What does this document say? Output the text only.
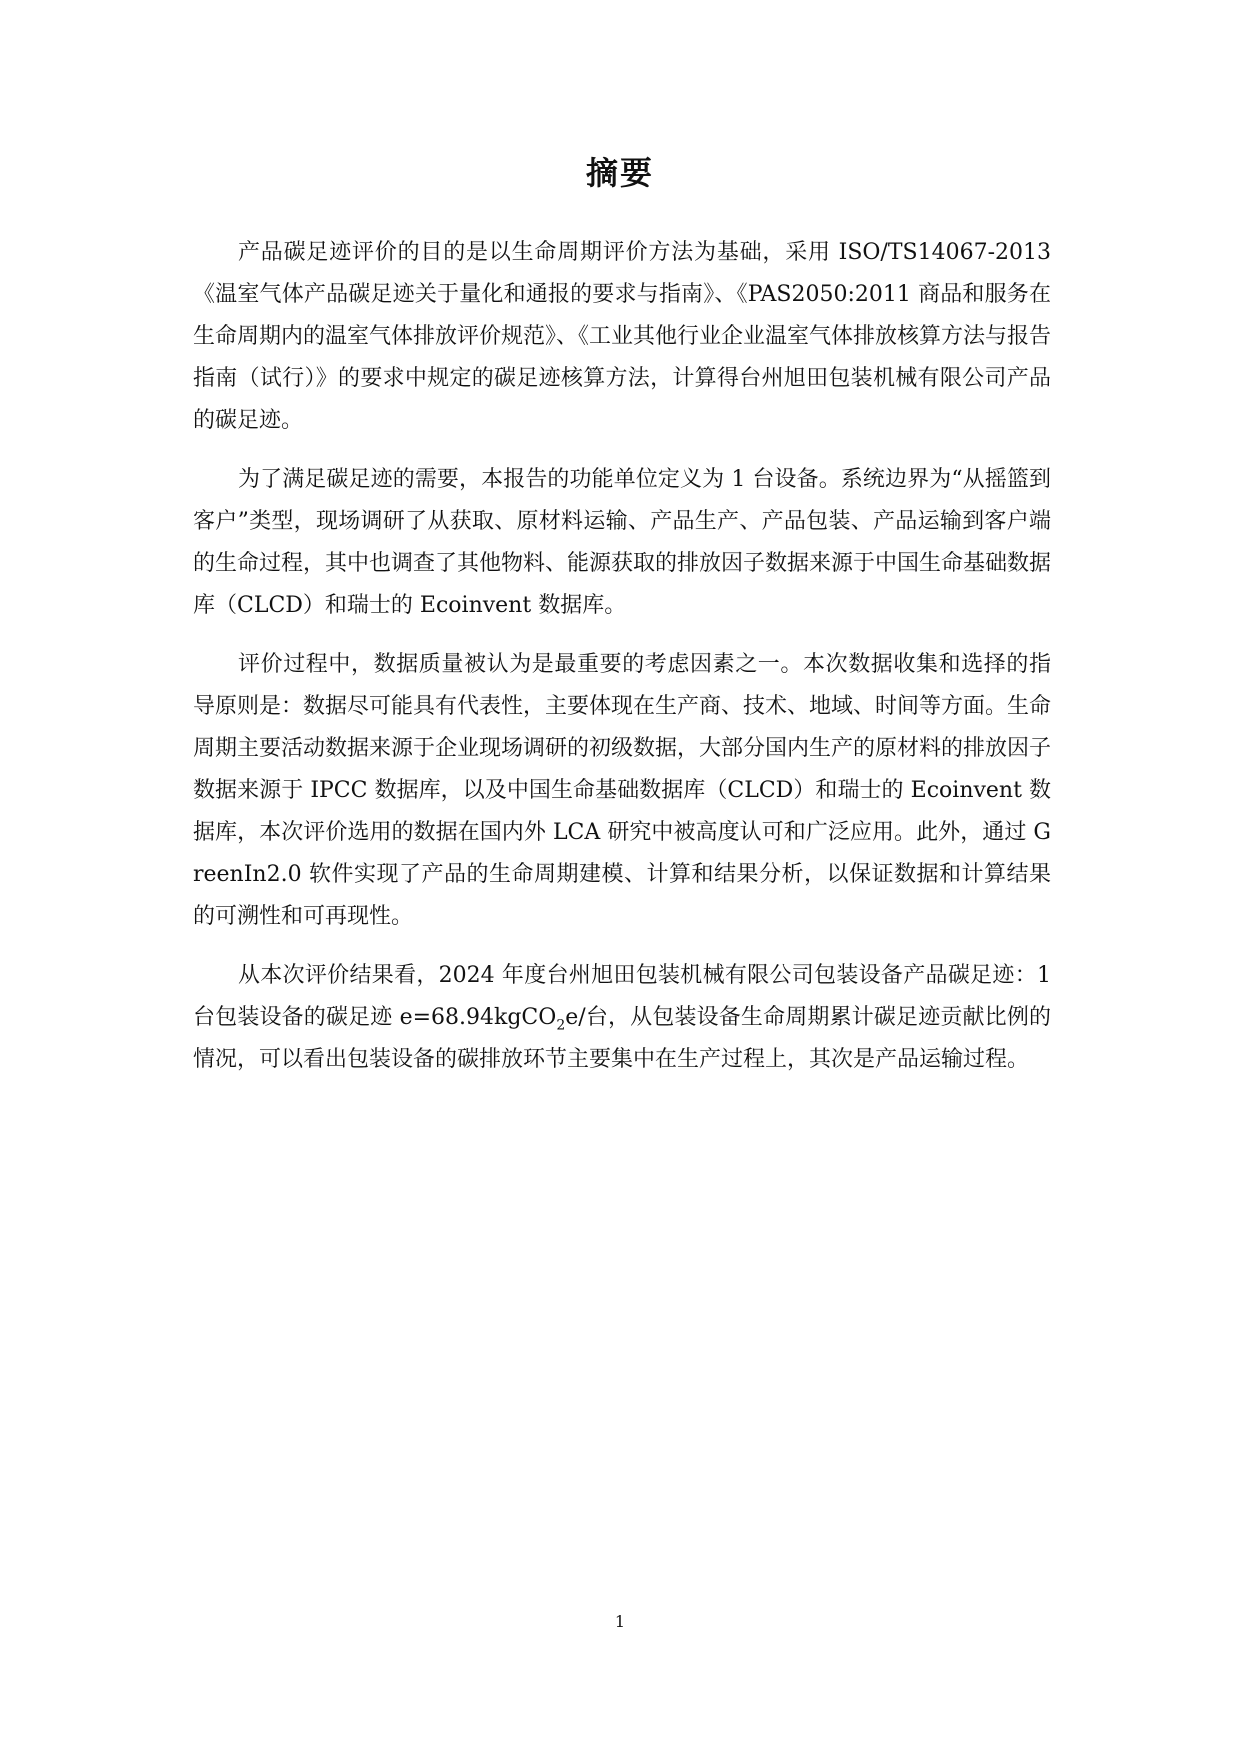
摘要

产品碳足迹评价的目的是以生命周期评价方法为基础，采用 ISO/TS14067-2013《温室气体产品碳足迹关于量化和通报的要求与指南》、《PAS2050:2011 商品和服务在生命周期内的温室气体排放评价规范》、《工业其他行业企业温室气体排放核算方法与报告指南（试行）》的要求中规定的碳足迹核算方法，计算得台州旭田包装机械有限公司产品的碳足迹。

为了满足碳足迹的需要，本报告的功能单位定义为 1 台设备。系统边界为“从摇篮到客户”类型，现场调研了从获取、原材料运输、产品生产、产品包装、产品运输到客户端的生命过程，其中也调查了其他物料、能源获取的排放因子数据来源于中国生命基础数据库（CLCD）和瑞士的 Ecoinvent 数据库。

评价过程中，数据质量被认为是最重要的考虑因素之一。本次数据收集和选择的指导原则是：数据尽可能具有代表性，主要体现在生产商、技术、地域、时间等方面。生命周期主要活动数据来源于企业现场调研的初级数据，大部分国内生产的原材料的排放因子数据来源于 IPCC 数据库，以及中国生命基础数据库（CLCD）和瑞士的 Ecoinvent 数据库，本次评价选用的数据在国内外 LCA 研究中被高度认可和广泛应用。此外，通过 GreenIn2.0 软件实现了产品的生命周期建模、计算和结果分析，以保证数据和计算结果的可溯性和可再现性。

从本次评价结果看，2024 年度台州旭田包装机械有限公司包装设备产品碳足迹：1 台包装设备的碳足迹 e=68.94kgCO$_2$e/台，从包装设备生命周期累计碳足迹贡献比例的情况，可以看出包装设备的碳排放环节主要集中在生产过程上，其次是产品运输过程。

1
